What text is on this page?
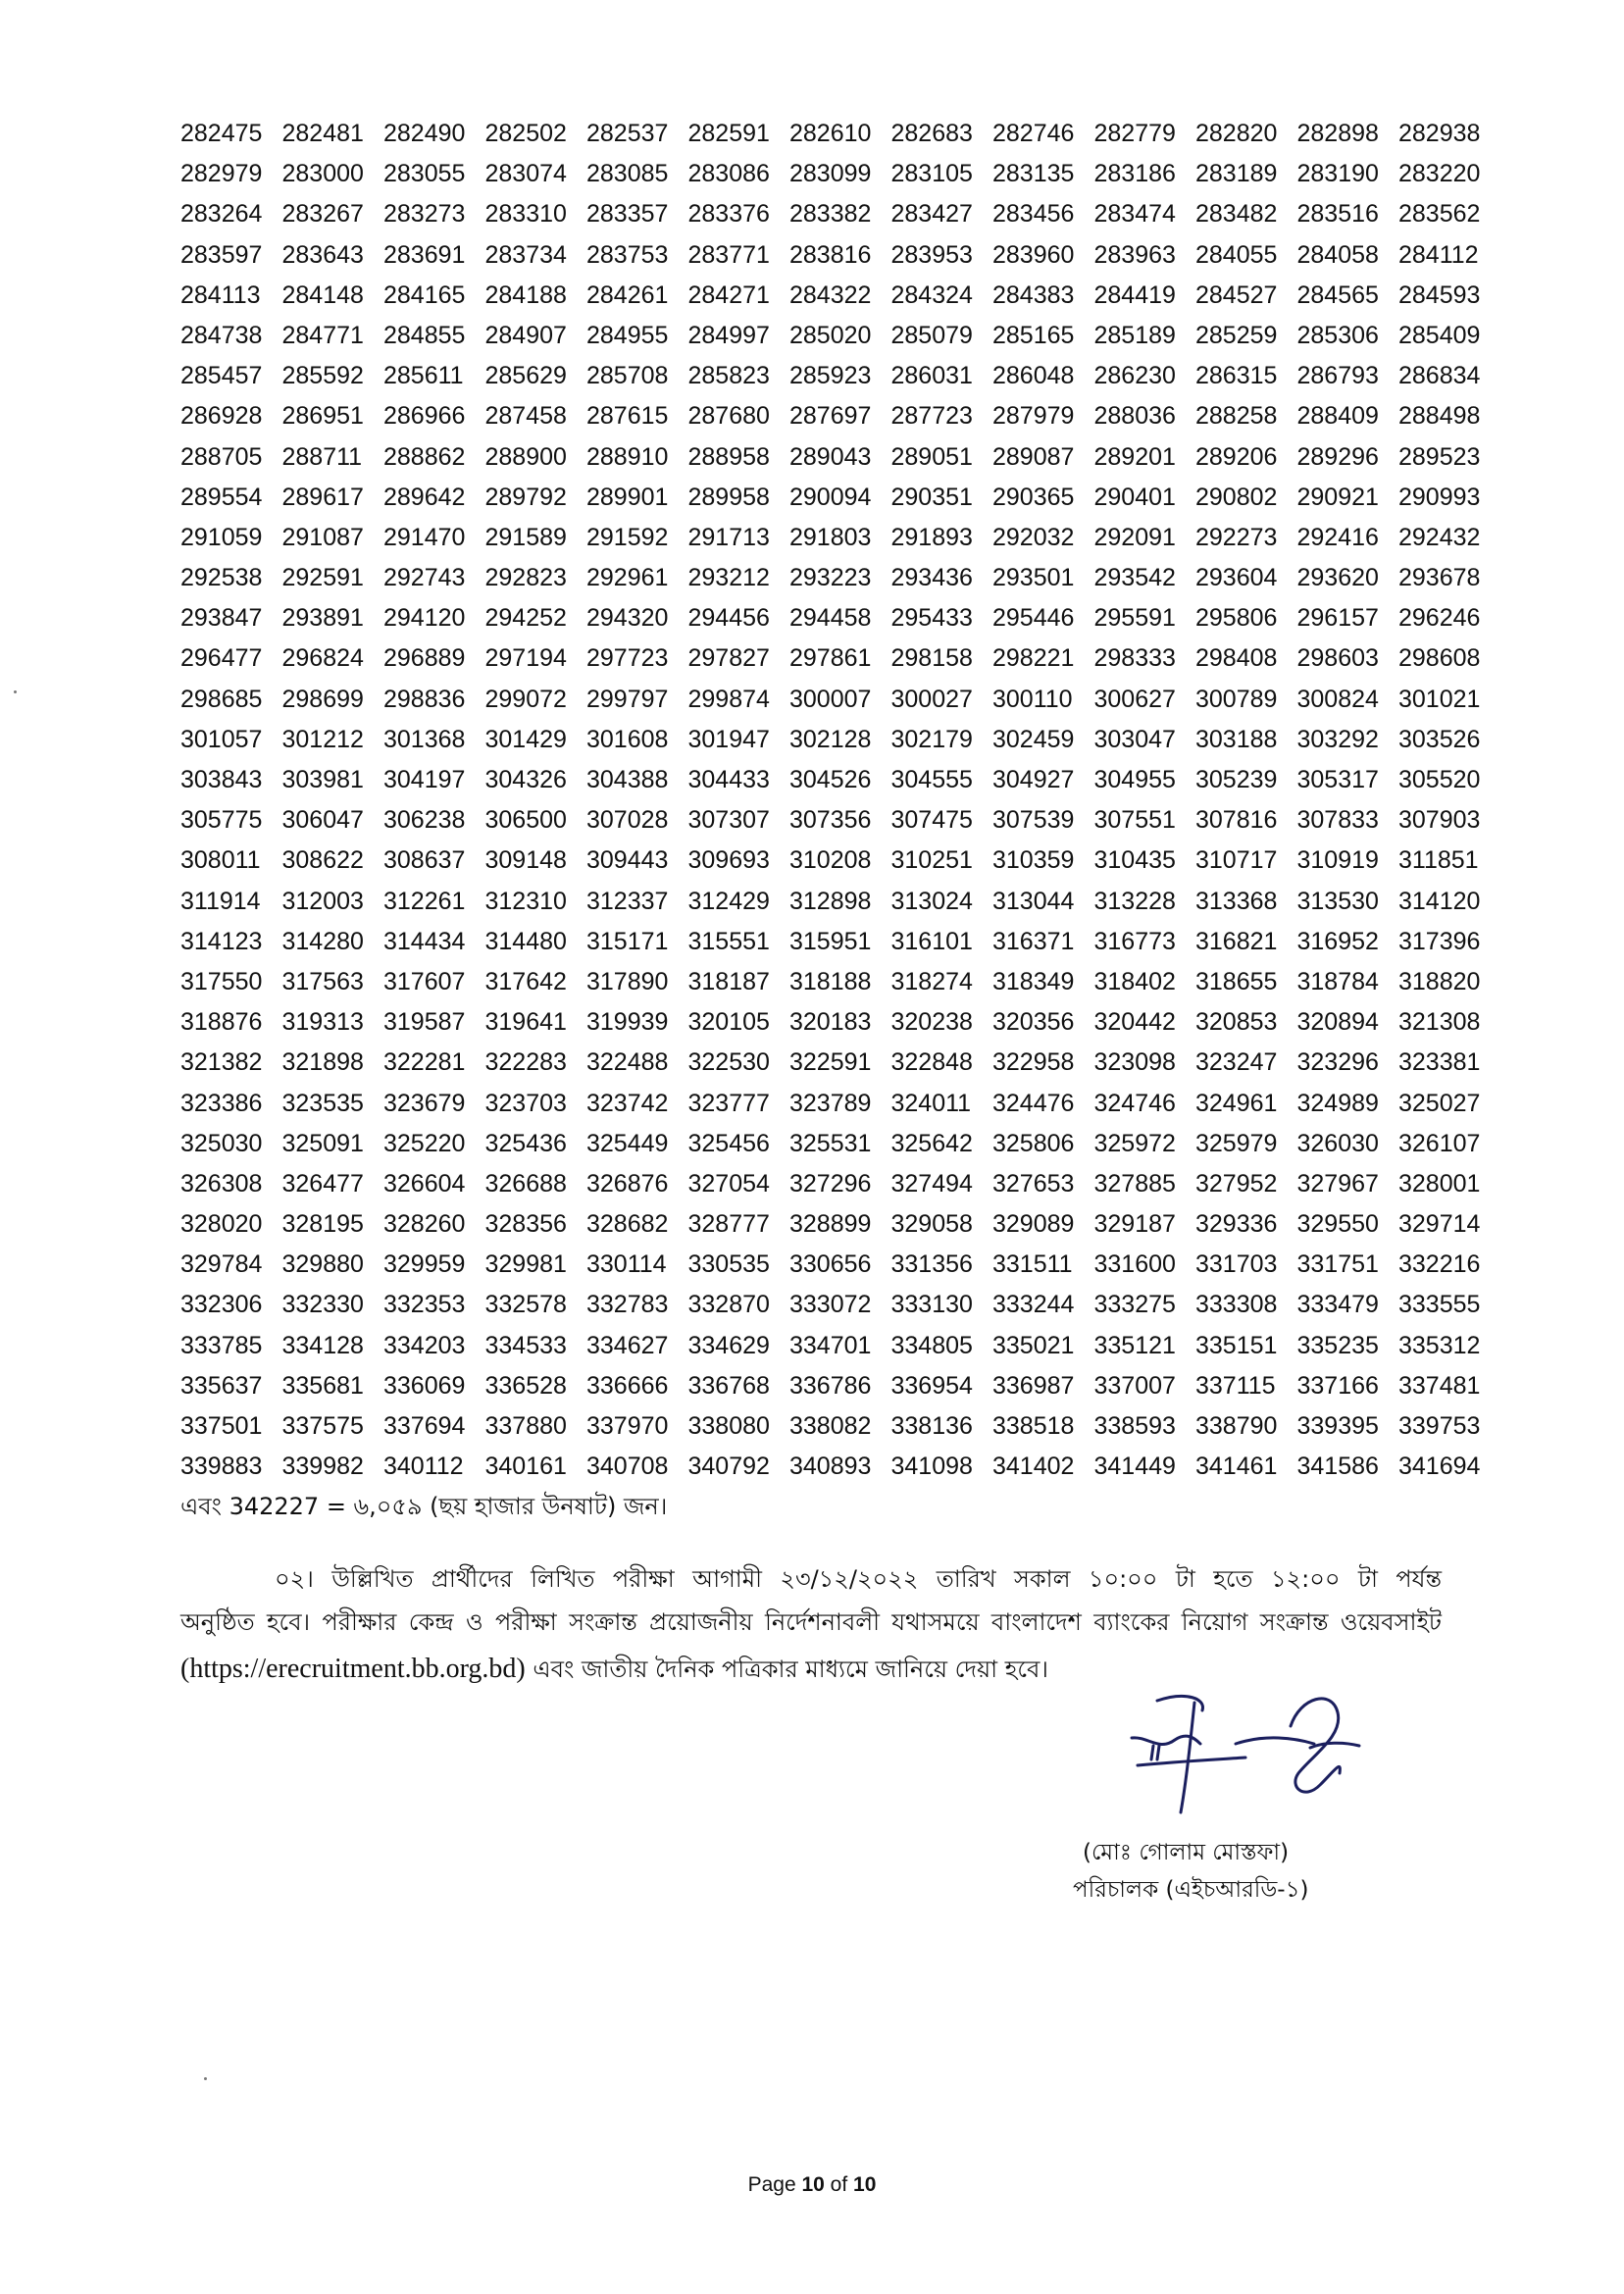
282475 282481 282490 282502 282537 282591 282610 282683 282746 282779 282820 282898 282938
282979 283000 283055 283074 283085 283086 283099 283105 283135 283186 283189 283190 283220
283264 283267 283273 283310 283357 283376 283382 283427 283456 283474 283482 283516 283562
283597 283643 283691 283734 283753 283771 283816 283953 283960 283963 284055 284058 284112
284113 284148 284165 284188 284261 284271 284322 284324 284383 284419 284527 284565 284593
284738 284771 284855 284907 284955 284997 285020 285079 285165 285189 285259 285306 285409
285457 285592 285611 285629 285708 285823 285923 286031 286048 286230 286315 286793 286834
286928 286951 286966 287458 287615 287680 287697 287723 287979 288036 288258 288409 288498
288705 288711 288862 288900 288910 288958 289043 289051 289087 289201 289206 289296 289523
289554 289617 289642 289792 289901 289958 290094 290351 290365 290401 290802 290921 290993
291059 291087 291470 291589 291592 291713 291803 291893 292032 292091 292273 292416 292432
292538 292591 292743 292823 292961 293212 293223 293436 293501 293542 293604 293620 293678
293847 293891 294120 294252 294320 294456 294458 295433 295446 295591 295806 296157 296246
296477 296824 296889 297194 297723 297827 297861 298158 298221 298333 298408 298603 298608
298685 298699 298836 299072 299797 299874 300007 300027 300110 300627 300789 300824 301021
301057 301212 301368 301429 301608 301947 302128 302179 302459 303047 303188 303292 303526
303843 303981 304197 304326 304388 304433 304526 304555 304927 304955 305239 305317 305520
305775 306047 306238 306500 307028 307307 307356 307475 307539 307551 307816 307833 307903
308011 308622 308637 309148 309443 309693 310208 310251 310359 310435 310717 310919 311851
311914 312003 312261 312310 312337 312429 312898 313024 313044 313228 313368 313530 314120
314123 314280 314434 314480 315171 315551 315951 316101 316371 316773 316821 316952 317396
317550 317563 317607 317642 317890 318187 318188 318274 318349 318402 318655 318784 318820
318876 319313 319587 319641 319939 320105 320183 320238 320356 320442 320853 320894 321308
321382 321898 322281 322283 322488 322530 322591 322848 322958 323098 323247 323296 323381
323386 323535 323679 323703 323742 323777 323789 324011 324476 324746 324961 324989 325027
325030 325091 325220 325436 325449 325456 325531 325642 325806 325972 325979 326030 326107
326308 326477 326604 326688 326876 327054 327296 327494 327653 327885 327952 327967 328001
328020 328195 328260 328356 328682 328777 328899 329058 329089 329187 329336 329550 329714
329784 329880 329959 329981 330114 330535 330656 331356 331511 331600 331703 331751 332216
332306 332330 332353 332578 332783 332870 333072 333130 333244 333275 333308 333479 333555
333785 334128 334203 334533 334627 334629 334701 334805 335021 335121 335151 335235 335312
335637 335681 336069 336528 336666 336768 336786 336954 336987 337007 337115 337166 337481
337501 337575 337694 337880 337970 338080 338082 338136 338518 338593 338790 339395 339753
339883 339982 340112 340161 340708 340792 340893 341098 341402 341449 341461 341586 341694
এবং 342227 = ৬,০৫৯ (ছয় হাজার উনষাট) জন।
০২। উল্লিখিত প্রার্থীদের লিখিত পরীক্ষা আগামী ২৩/১২/২০২২ তারিখ সকাল ১০:০০ টা হতে ১২:০০ টা পর্যন্ত
অনুষ্ঠিত হবে। পরীক্ষার কেন্দ্র ও পরীক্ষা সংক্রান্ত প্রয়োজনীয় নির্দেশনাবলী যথাসময়ে বাংলাদেশ ব্যাংকের নিয়োগ সংক্রান্ত ওয়েবসাইট
(https://erecruitment.bb.org.bd) এবং জাতীয় দৈনিক পত্রিকার মাধ্যমে জানিয়ে দেয়া হবে।
(মোঃ গোলাম মোস্তফা)
পরিচালক (এইচআরডি-১)
Page 10 of 10
